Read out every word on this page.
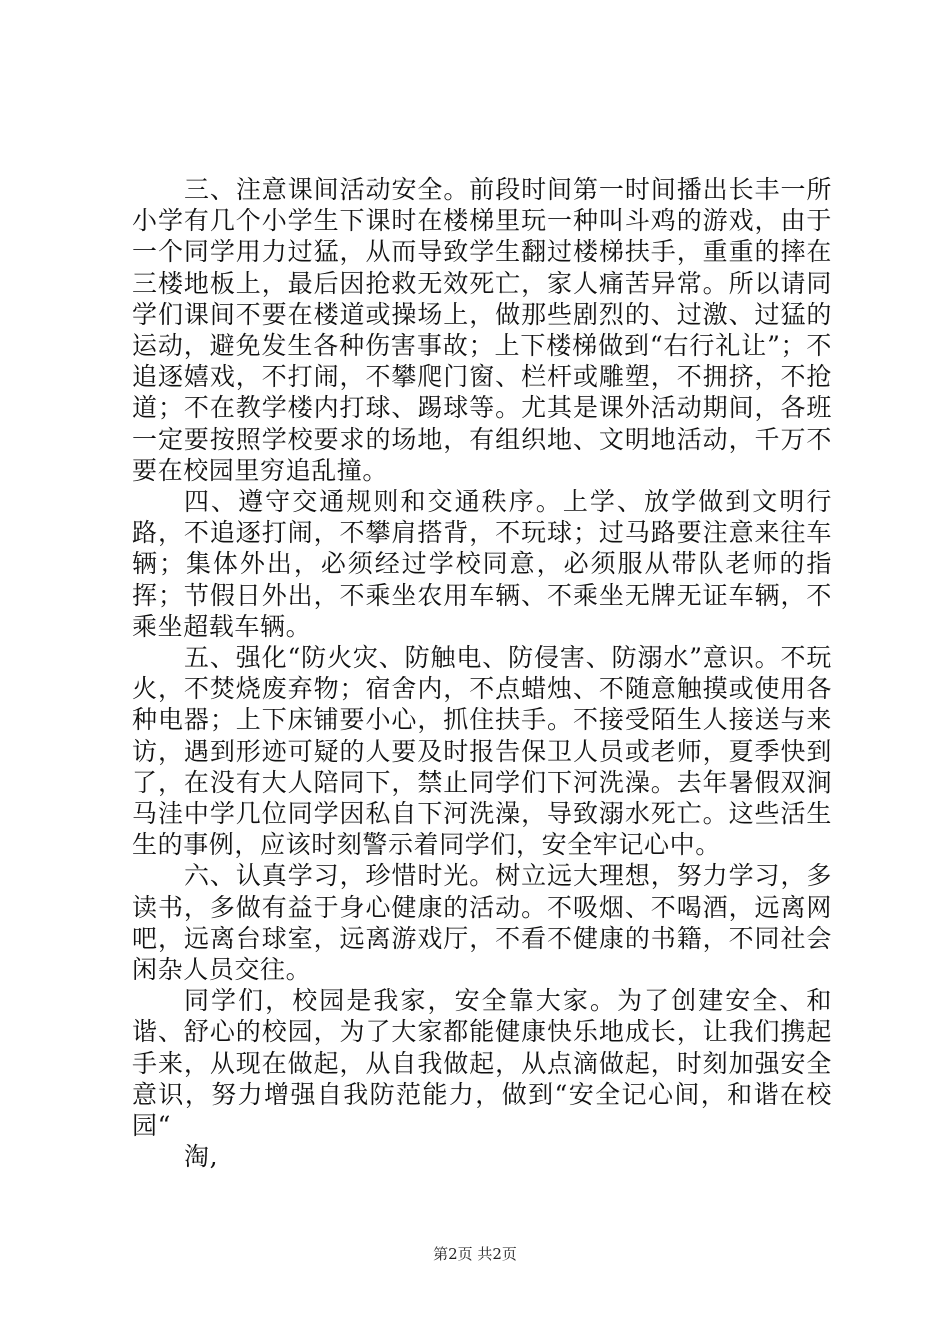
三、注意课间活动安全。前段时间第一时间播出长丰一所小学有几个小学生下课时在楼梯里玩一种叫斗鸡的游戏，由于一个同学用力过猛，从而导致学生翻过楼梯扶手，重重的摔在三楼地板上，最后因抢救无效死亡，家人痛苦异常。所以请同学们课间不要在楼道或操场上，做那些剧烈的、过激、过猛的运动，避免发生各种伤害事故；上下楼梯做到“右行礼让”；不追逐嬉戏，不打闹，不攀爬门窗、栏杆或雕塑，不拥挤，不抢道；不在教学楼内打球、踢球等。尤其是课外活动期间，各班一定要按照学校要求的场地，有组织地、文明地活动，千万不要在校园里穷追乱撞。

四、遵守交通规则和交通秩序。上学、放学做到文明行路，不追逐打闹，不攀肩搭背，不玩球；过马路要注意来往车辆；集体外出，必须经过学校同意，必须服从带队老师的指挥；节假日外出，不乘坐农用车辆、不乘坐无牌无证车辆，不乘坐超载车辆。

五、强化“防火灾、防触电、防侵害、防溺水”意识。不玩火，不焚烧废弃物；宿舍内，不点蜡烛、不随意触摸或使用各种电器；上下床铺要小心，抓住扶手。不接受陌生人接送与来访，遇到形迹可疑的人要及时报告保卫人员或老师，夏季快到了，在没有大人陪同下，禁止同学们下河洗澡。去年暑假双涧马洼中学几位同学因私自下河洗澡，导致溺水死亡。这些活生生的事例，应该时刻警示着同学们，安全牢记心中。

六、认真学习，珍惜时光。树立远大理想，努力学习，多读书，多做有益于身心健康的活动。不吸烟、不喝酒，远离网吧，远离台球室，远离游戏厅，不看不健康的书籍，不同社会闲杂人员交往。

同学们，校园是我家，安全靠大家。为了创建安全、和谐、舒心的校园，为了大家都能健康快乐地成长，让我们携起手来，从现在做起，从自我做起，从点滴做起，时刻加强安全意识，努力增强自我防范能力，做到“安全记心间，和谐在校园“

淘,

第2页 共2页
